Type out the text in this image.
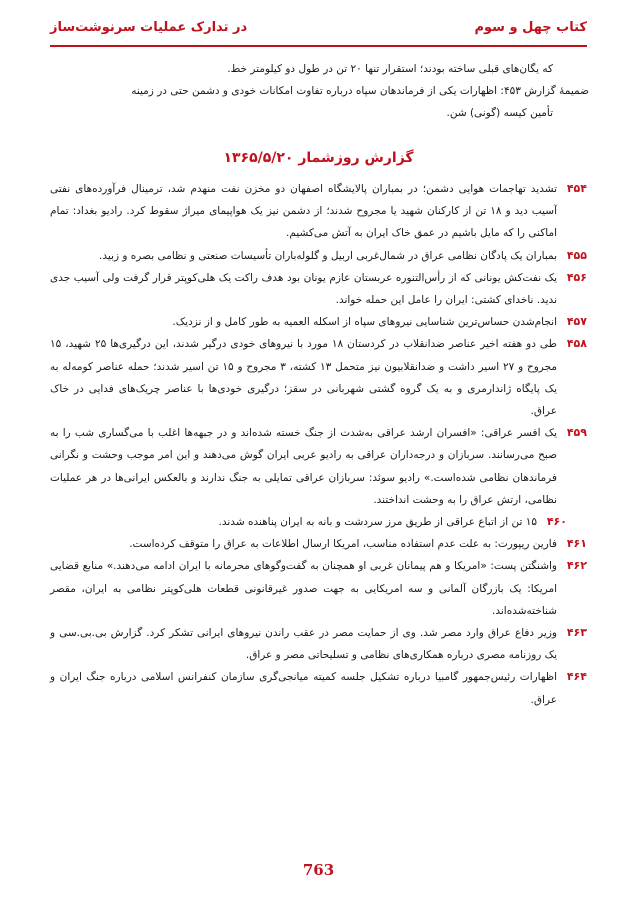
کتاب چهل و سوم
در تدارک عملیات سرنوشت‌ساز

که یگان‌های قبلی ساخته بودند؛ استقرار تنها ۲۰ تن در طول دو کیلومتر خط.

ضمیمهٔ گزارش ۴۵۳: اظهارات یکی از فرماندهان سپاه درباره تفاوت امکانات خودی و دشمن حتی در زمینه

تأمین کیسه (گونی) شن.

گزارش روزشمار ۱۳۶۵/۵/۲۰
۴۵۴
تشدید تهاجمات هوایی دشمن؛ در بمباران پالایشگاه اصفهان دو مخزن نفت منهدم شد، ترمینال فرآورده‌های نفتی آسیب دید و ۱۸ تن از کارکنان شهید یا مجروح شدند؛ از دشمن نیز یک هواپیمای میراژ سقوط کرد. رادیو بغداد: تمام اماکنی را که مایل باشیم در عمق خاک ایران به آتش می‌کشیم.
۴۵۵
بمباران یک پادگان نظامی عراق در شمال‌غربی اربیل و گلوله‌باران تأسیسات صنعتی و نظامی بصره و زبید.
۴۵۶
یک نفت‌کش یونانی که از رأس‌التنوره عربستان عازم یونان بود هدف راکت یک هلی‌کوپتر قرار گرفت ولی آسیب جدی ندید. ناخدای کشتی: ایران را عامل این حمله خواند.
۴۵۷
انجام‌شدن حساس‌ترین شناسایی نیروهای سپاه از اسکله العمیه به طور کامل و از نزدیک.
۴۵۸
طی دو هفته اخیر عناصر ضدانقلاب در کردستان ۱۸ مورد با نیروهای خودی درگیر شدند، این درگیری‌ها ۲۵ شهید، ۱۵ مجروح و ۲۷ اسیر داشت و ضدانقلابیون نیز متحمل ۱۳ کشته، ۳ مجروح و ۱۵ تن اسیر شدند؛ حمله عناصر کومه‌له به یک پایگاه ژاندارمری و به یک گروه گشتی شهربانی در سقز؛ درگیری خودی‌ها با عناصر چریک‌های فدایی در خاک عراق.
۴۵۹
یک افسر عراقی: «افسران ارشد عراقی به‌شدت از جنگ خسته شده‌اند و در جبهه‌ها اغلب با می‌گساری شب را به صبح می‌رسانند. سربازان و درجه‌داران عراقی به رادیو عربی ایران گوش می‌دهند و این امر موجب وحشت و نگرانی فرماندهان نظامی شده‌است.» رادیو سوئد: سربازان عراقی تمایلی به جنگ ندارند و بالعکس ایرانی‌ها در هر عملیات نظامی، ارتش عراق را به وحشت انداختند.
۴۶۰
۱۵ تن از اتباع عراقی از طریق مرز سردشت و بانه به ایران پناهنده شدند.
۴۶۱
فارین ریپورت: به علت عدم استفاده مناسب، امریکا ارسال اطلاعات به عراق را متوقف کرده‌است.
۴۶۲
واشنگتن پست: «امریکا و هم پیمانان غربی او همچنان به گفت‌وگوهای محرمانه با ایران ادامه می‌دهند.» منابع قضایی امریکا: یک بازرگان آلمانی و سه امریکایی به جهت صدور غیرقانونی قطعات هلی‌کوپتر نظامی به ایران، مقصر شناخته‌شده‌اند.
۴۶۳
وزیر دفاع عراق وارد مصر شد. وی از حمایت مصر در عقب راندن نیروهای ایرانی تشکر کرد. گزارش بی.بی.سی و یک روزنامه مصری درباره همکاری‌های نظامی و تسلیحاتی مصر و عراق.
۴۶۴
اظهارات رئیس‌جمهور گامبیا درباره تشکیل جلسه کمیته میانجی‌گری سازمان کنفرانس اسلامی درباره جنگ ایران و عراق.
763
